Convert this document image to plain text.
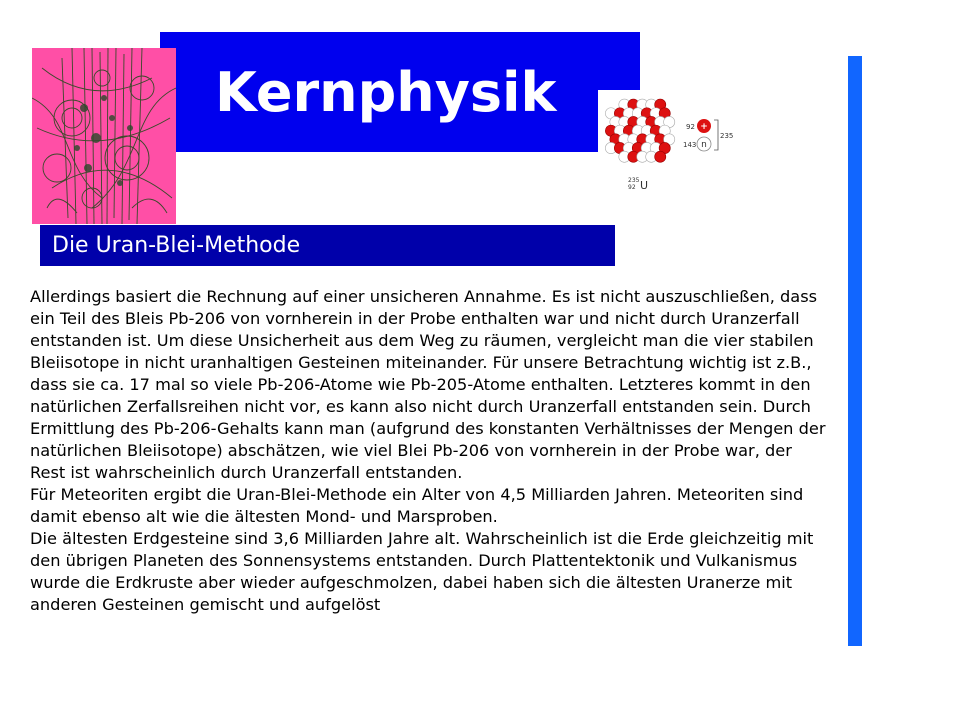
Kernphysik
92 +
143 n
235
235
92 U
Die Uran-Blei-Methode

Allerdings basiert die Rechnung auf einer unsicheren Annahme. Es ist nicht auszuschließen, dass ein Teil des Bleis Pb-206 von vornherein in der Probe enthalten war und nicht durch Uranzerfall entstanden ist. Um diese Unsicherheit aus dem Weg zu räumen, vergleicht man die vier stabilen Bleiisotope in nicht uranhaltigen Gesteinen miteinander. Für unsere Betrachtung wichtig ist z.B., dass sie ca. 17 mal so viele Pb-206-Atome wie Pb-205-Atome enthalten. Letzteres kommt in den natürlichen Zerfallsreihen nicht vor, es kann also nicht durch Uranzerfall entstanden sein. Durch Ermittlung des Pb-206-Gehalts kann man (aufgrund des konstanten Verhältnisses der Mengen der natürlichen Bleiisotope) abschätzen, wie viel Blei Pb-206 von vornherein in der Probe war, der Rest ist wahrscheinlich durch Uranzerfall entstanden.

Für Meteoriten ergibt die Uran-Blei-Methode ein Alter von 4,5 Milliarden Jahren. Meteoriten sind damit ebenso alt wie die ältesten Mond- und Marsproben.

Die ältesten Erdgesteine sind 3,6 Milliarden Jahre alt. Wahrscheinlich ist die Erde gleichzeitig mit den übrigen Planeten des Sonnensystems entstanden. Durch Plattentektonik und Vulkanismus wurde die Erdkruste aber wieder aufgeschmolzen, dabei haben sich die ältesten Uranerze mit anderen Gesteinen gemischt und aufgelöst
